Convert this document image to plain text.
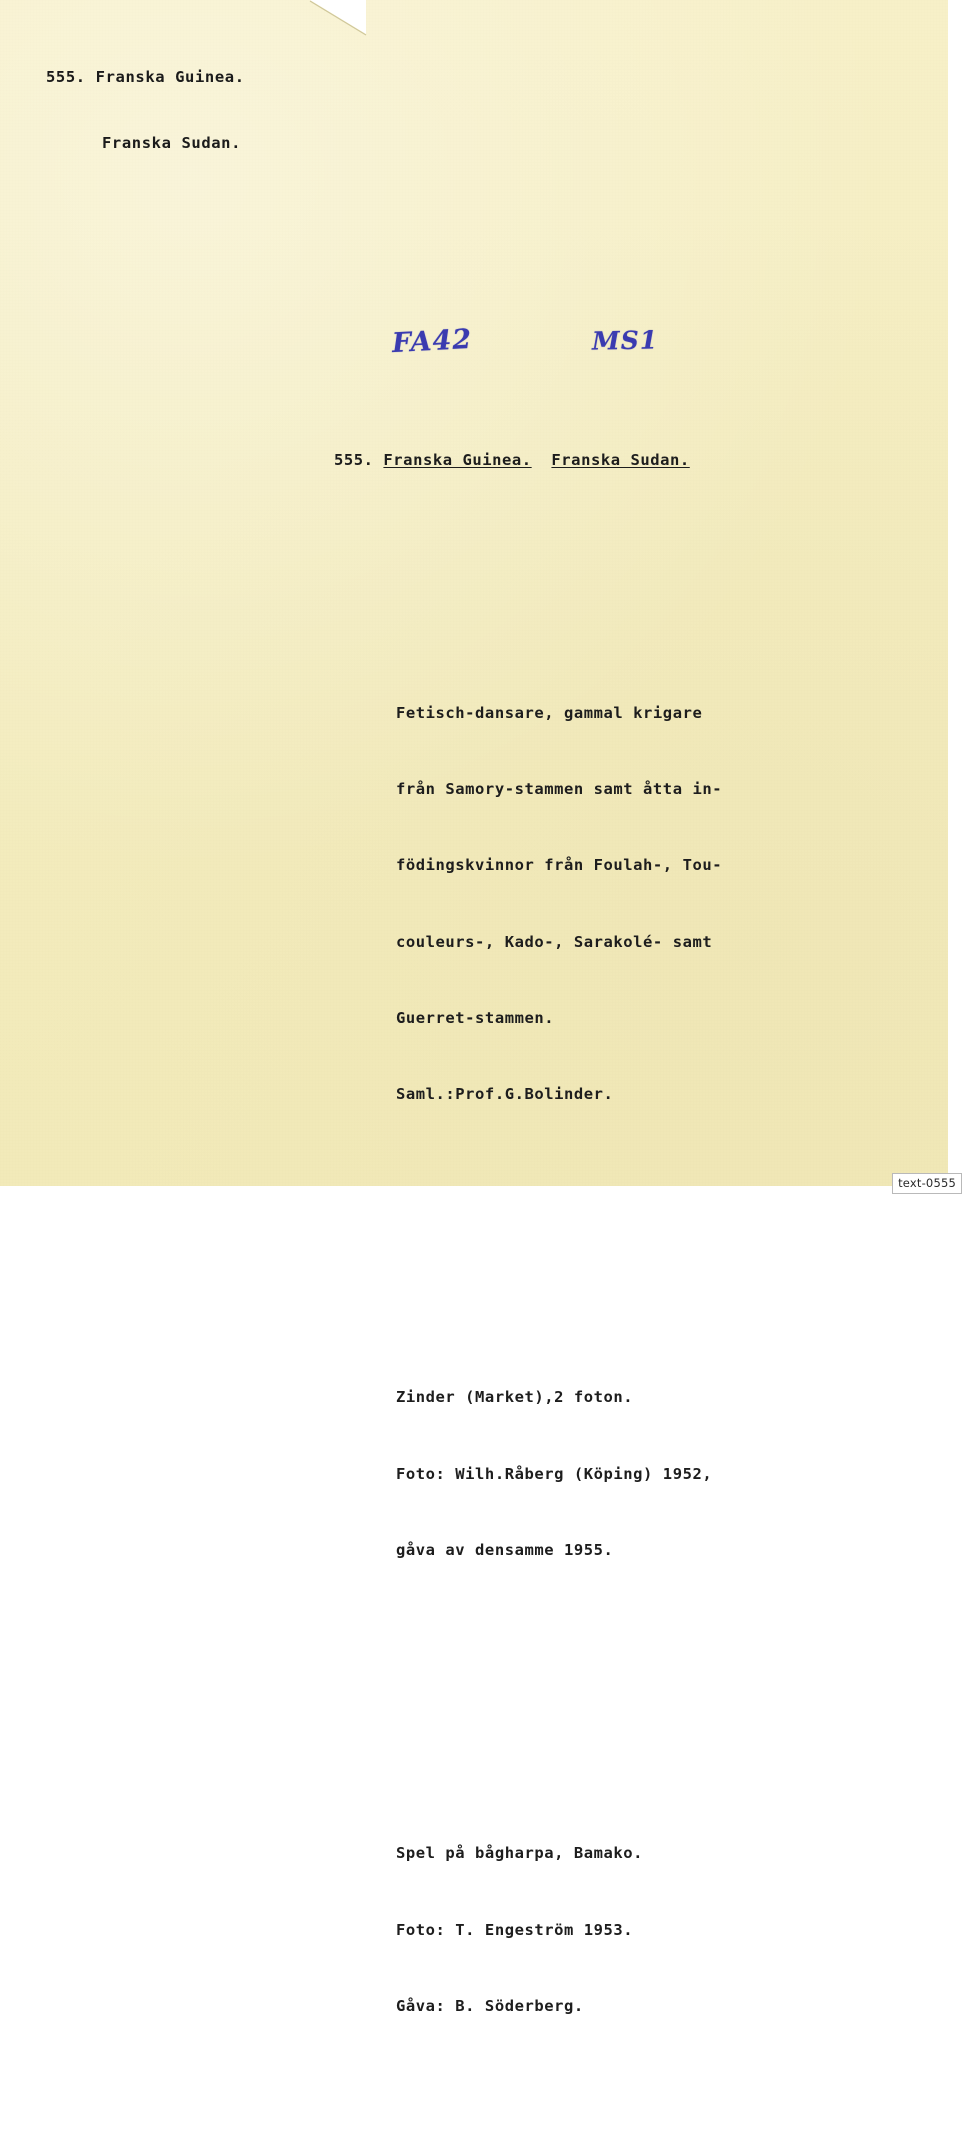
555. Franska Guinea.

Franska Sudan.

FA42	MS1

555. Franska Guinea. Franska Sudan.

Fetisch-dansare, gammal krigare

från Samory-stammen samt åtta in-

födingskvinnor från Foulah-, Tou-

couleurs-, Kado-, Sarakolé- samt

Guerret-stammen.

Saml.:Prof.G.Bolinder.

Zinder (Market),2 foton.

Foto: Wilh.Råberg (Köping) 1952,

gåva av densamme 1955.

Spel på bågharpa, Bamako.

Foto: T. Engeström 1953.

Gåva: B. Söderberg.

text-0555
